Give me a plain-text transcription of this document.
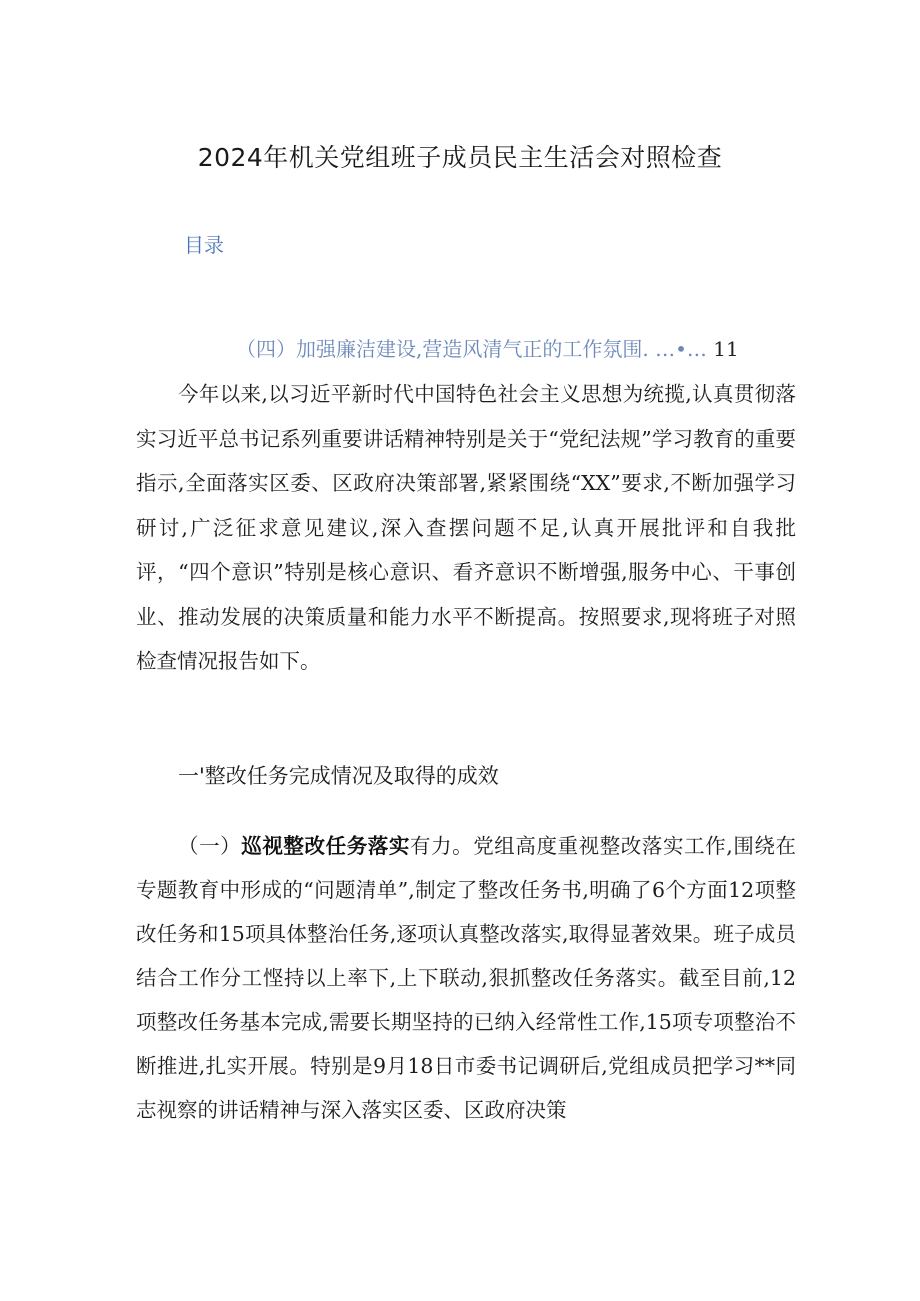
2024年机关党组班子成员民主生活会对照检查
目录
（四）加强廉洁建设,营造风清气正的工作氛围. …•… 11

今年以来,以习近平新时代中国特色社会主义思想为统揽,认真贯彻落实习近平总书记系列重要讲话精神特别是关于“党纪法规”学习教育的重要指示,全面落实区委、区政府决策部署,紧紧围绕“XX”要求,不断加强学习研讨,广泛征求意见建议,深入查摆问题不足,认真开展批评和自我批评，“四个意识”特别是核心意识、看齐意识不断增强,服务中心、干事创业、推动发展的决策质量和能力水平不断提高。按照要求,现将班子对照检查情况报告如下。

一'整改任务完成情况及取得的成效

（一）巡视整改任务落实有力。党组高度重视整改落实工作,围绕在专题教育中形成的“问题清单”,制定了整改任务书,明确了6个方面12项整改任务和15项具体整治任务,逐项认真整改落实,取得显著效果。班子成员结合工作分工悭持以上率下,上下联动,狠抓整改任务落实。截至目前,12项整改任务基本完成,需要长期坚持的已纳入经常性工作,15项专项整治不断推进,扎实开展。特别是9月18日市委书记调研后,党组成员把学习**同志视察的讲话精神与深入落实区委、区政府决策
